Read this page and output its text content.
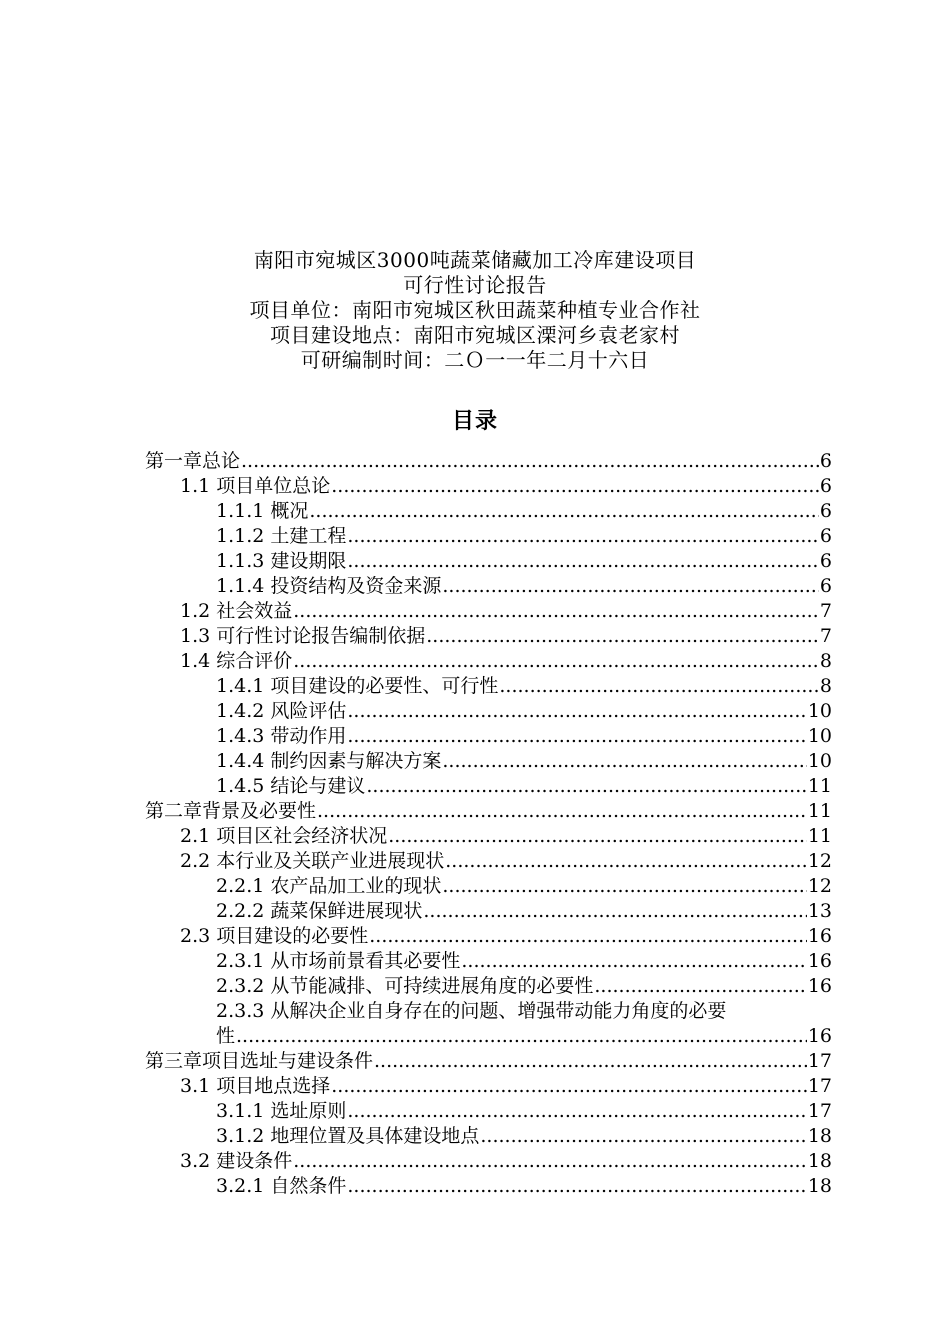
南阳市宛城区3000吨蔬菜储藏加工冷库建设项目
可行性讨论报告
项目单位：南阳市宛城区秋田蔬菜种植专业合作社
项目建设地点：南阳市宛城区溧河乡袁老家村
可研编制时间：二Ｏ一一年二月十六日
目录
第一章总论 .....	6
1.1 项目单位总论 .....	6
1.1.1 概况 .....	6
1.1.2 土建工程 .....	6
1.1.3 建设期限 .....	6
1.1.4 投资结构及资金来源 .....	6
1.2 社会效益 .....	7
1.3 可行性讨论报告编制依据 .....	7
1.4 综合评价 .....	8
1.4.1 项目建设的必要性、可行性 .....	8
1.4.2 风险评估 .....	10
1.4.3 带动作用 .....	10
1.4.4 制约因素与解决方案 .....	10
1.4.5 结论与建议 .....	11
第二章背景及必要性 .....	11
2.1 项目区社会经济状况 .....	11
2.2 本行业及关联产业进展现状 .....	12
2.2.1 农产品加工业的现状 .....	12
2.2.2 蔬菜保鲜进展现状 .....	13
2.3 项目建设的必要性 .....	16
2.3.1 从市场前景看其必要性 .....	16
2.3.2 从节能减排、可持续进展角度的必要性 .....	16
2.3.3 从解决企业自身存在的问题、增强带动能力角度的必要
性 .....	16
第三章项目选址与建设条件 .....	17
3.1 项目地点选择 .....	17
3.1.1 选址原则 .....	17
3.1.2 地理位置及具体建设地点 .....	18
3.2 建设条件 .....	18
3.2.1 自然条件 .....	18
